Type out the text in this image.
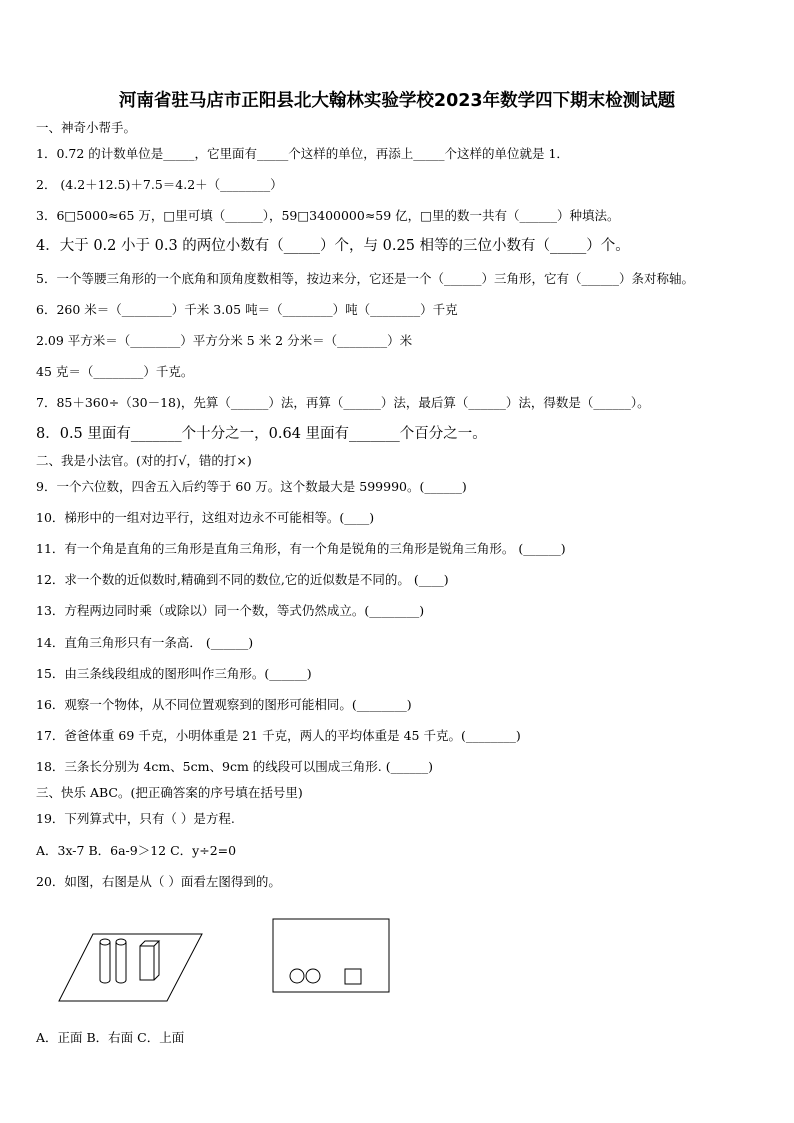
河南省驻马店市正阳县北大翰林实验学校2023年数学四下期末检测试题
一、神奇小帮手。
1．0.72 的计数单位是_____，它里面有_____个这样的单位，再添上_____个这样的单位就是 1．
2． (4.2＋12.5)＋7.5＝4.2＋（________）
3．6□5000≈65 万，□里可填（______），59□3400000≈59 亿，□里的数一共有（______）种填法。
4．大于 0.2 小于 0.3 的两位小数有（_____）个，与 0.25 相等的三位小数有（_____）个。
5．一个等腰三角形的一个底角和顶角度数相等，按边来分，它还是一个（______）三角形，它有（______）条对称轴。
6．260 米＝（________）千米 3.05 吨＝（________）吨（________）千克
2.09 平方米＝（________）平方分米 5 米 2 分米＝（________）米
45 克＝（________）千克。
7．85＋360÷（30－18)，先算（______）法，再算（______）法，最后算（______）法，得数是（______）。
8．0.5 里面有_______个十分之一，0.64 里面有_______个百分之一。
二、我是小法官。(对的打√，错的打×)
9．一个六位数，四舍五入后约等于 60 万。这个数最大是 599990。(______)
10．梯形中的一组对边平行，这组对边永不可能相等。(____)
11．有一个角是直角的三角形是直角三角形，有一个角是锐角的三角形是锐角三角形。 (______)
12．求一个数的近似数时,精确到不同的数位,它的近似数是不同的。 (____)
13．方程两边同时乘（或除以）同一个数，等式仍然成立。(________)
14．直角三角形只有一条高． (______)
15．由三条线段组成的图形叫作三角形。(______)
16．观察一个物体，从不同位置观察到的图形可能相同。(________)
17．爸爸体重 69 千克，小明体重是 21 千克，两人的平均体重是 45 千克。(________)
18．三条长分别为 4cm、5cm、9cm 的线段可以围成三角形. (______)
三、快乐 ABC。(把正确答案的序号填在括号里)
19．下列算式中，只有（ ）是方程.
A．3x-7 B．6a-9＞12 C．y÷2=0
20．如图，右图是从（ ）面看左图得到的。
A．正面 B．右面 C．上面
